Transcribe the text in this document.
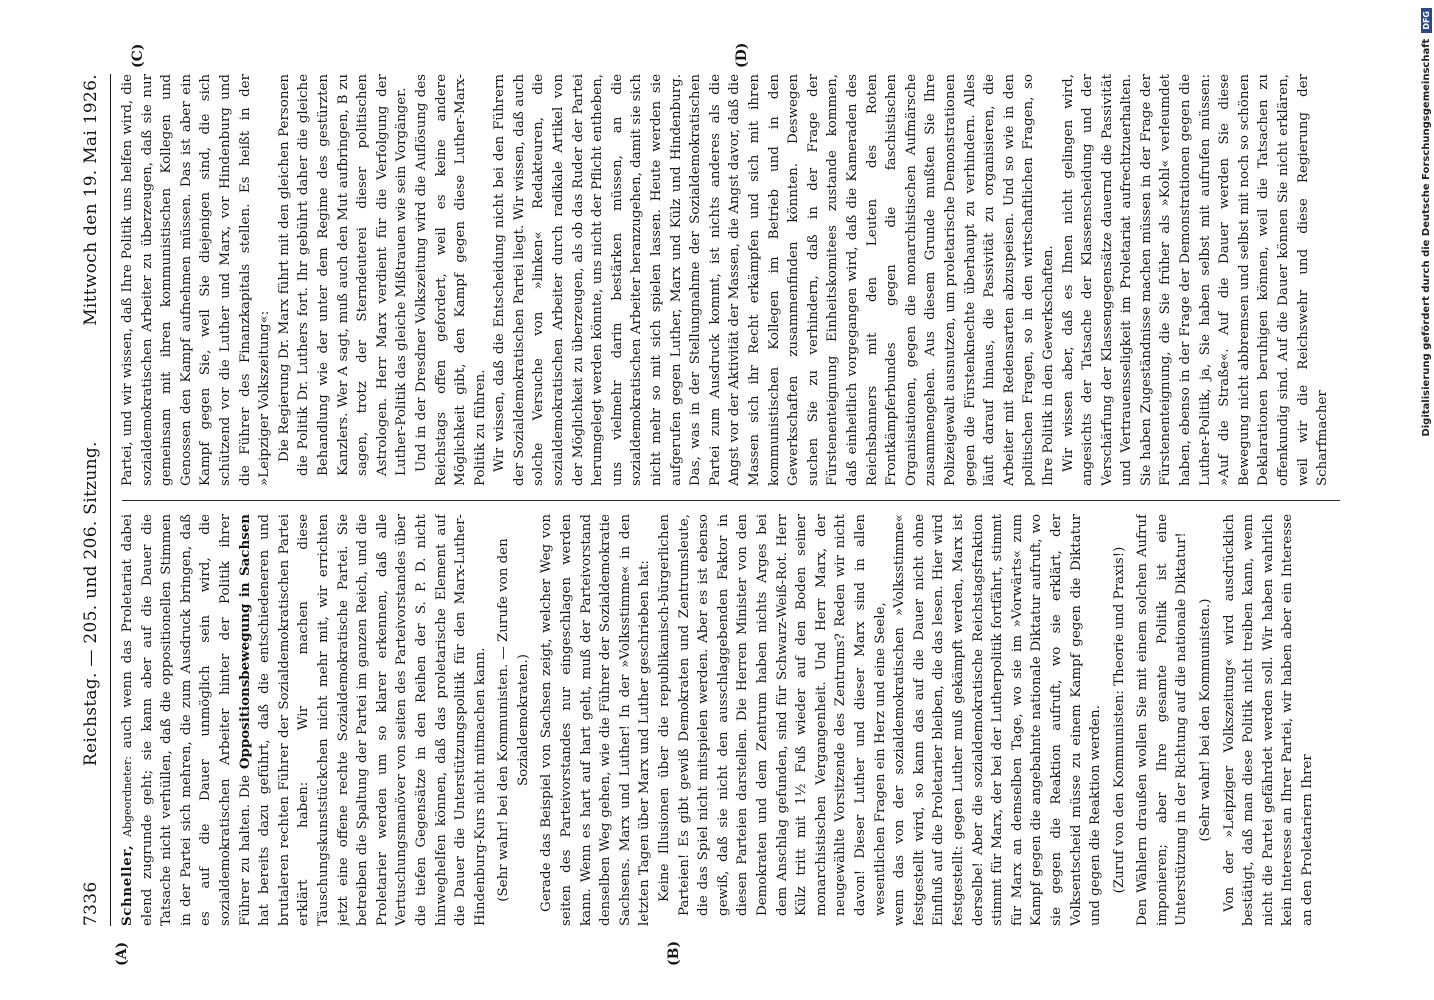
7336
Reichstag. — 205. und 206. Sitzung.
Mittwoch den 19. Mai 1926.
(A)	(B)
(C)	(D)

Schneller, Abgeordneter: auch wenn das Proletariat dabei elend zugrunde geht; sie kann aber auf die Dauer die Tatsache nicht verhüllen, daß die oppositionellen Stimmen in der Partei sich mehren, die zum Ausdruck bringen, daß es auf die Dauer unmöglich sein wird, die sozialdemokratischen Arbeiter hinter der Politik ihrer Führer zu halten. Die Oppositionsbewegung in Sachsen hat bereits dazu geführt, daß die entschiedeneren und brutaleren rechten Führer der Sozialdemokratischen Partei erklärt haben: Wir machen diese Täuschungskunststückchen nicht mehr mit, wir errichten jetzt eine offene rechte Sozialdemokratische Partei. Sie betreiben die Spaltung der Partei im ganzen Reich, und die Proletarier werden um so klarer erkennen, daß alle Vertuschungsmanöver von seiten des Parteivorstandes über die tiefen Gegensätze in den Reihen der S. P. D. nicht hinweghelfen können, daß das proletarische Element auf die Dauer die Unterstützungspolitik für den Marx-Luther-Hindenburg-Kurs nicht mitmachen kann. (Sehr wahr! bei den Kommunisten. — Zurufe von den Sozialdemokraten.) Gerade das Beispiel von Sachsen zeigt, welcher Weg von seiten des Parteivorstandes nur eingeschlagen werden kann. Wenn es hart auf hart geht, muß der Parteivorstand denselben Weg gehen, wie die Führer der Sozialdemokratie Sachsens. Marx und Luther! In der »Volksstimme« in den letzten Tagen über Marx und Luther geschrieben hat: Keine Illusionen über die republikanisch-bürgerlichen Parteien! Es gibt gewiß Demokraten und Zentrumsleute, die das Spiel nicht mitspielen werden. Aber es ist ebenso gewiß, daß sie nicht den ausschlaggebenden Faktor in diesen Parteien darstellen. Die Herren Minister von den Demokraten und dem Zentrum haben nichts Arges bei dem Anschlag gefunden, sind für Schwarz-Weiß-Rot. Herr Külz tritt mit 1½ Fuß wieder auf den Boden seiner monarchistischen Vergangenheit. Und Herr Marx, der neugewählte Vorsitzende des Zentrums? Reden wir nicht davon! Dieser Luther und dieser Marx sind in allen wesentlichen Fragen ein Herz und eine Seele, wenn das von der sozialdemokratischen »Volksstimme« festgestellt wird, so kann das auf die Dauer nicht ohne Einfluß auf die Proletarier bleiben, die das lesen. Hier wird festgestellt: gegen Luther muß gekämpft werden, Marx ist derselbe! Aber die sozialdemokratische Reichstagsfraktion stimmt für Marx, der bei der Lutherpolitik fortfährt, stimmt für Marx an demselben Tage, wo sie im »Vorwärts« zum Kampf gegen die angebahnte nationale Diktatur aufruft, wo sie gegen die Reaktion aufruft, wo sie erklärt, der Volksentscheid müsse zu einem Kampf gegen die Diktatur und gegen die Reaktion werden. (Zuruf von den Kommunisten: Theorie und Praxis!) Den Wählern draußen wollen Sie mit einem solchen Aufruf imponieren; aber Ihre gesamte Politik ist eine Unterstützung in der Richtung auf die nationale Diktatur! (Sehr wahr! bei den Kommunisten.) Von der »Leipziger Volkszeitung« wird ausdrücklich bestätigt, daß man diese Politik nicht treiben kann, wenn nicht die Partei gefährdet werden soll. Wir haben wahrlich kein Interesse an Ihrer Partei, wir haben aber ein Interesse an den Proletariern Ihrer

Partei, und wir wissen, daß Ihre Politik uns helfen wird, die sozialdemokratischen Arbeiter zu überzeugen, daß sie nur gemeinsam mit ihren kommunistischen Kollegen und Genossen den Kampf aufnehmen müssen. Das ist aber ein Kampf gegen Sie, weil Sie diejenigen sind, die sich schützend vor die Luther und Marx, vor Hindenburg und die Führer des Finanzkapitals stellen. Es heißt in der »Leipziger Volkszeitung«: Die Regierung Dr. Marx führt mit den gleichen Personen die Politik Dr. Luthers fort. Ihr gebührt daher die gleiche Behandlung wie der unter dem Regime des gestürzten Kanzlers. Wer A sagt, muß auch den Mut aufbringen, B zu sagen, trotz der Sterndeuterei dieser politischen Astrologen. Herr Marx verdient für die Verfolgung der Luther-Politik das gleiche Mißtrauen wie sein Vorgänger. Und in der Dresdner Volkszeitung wird die Auflösung des Reichstags offen gefordert, weil es keine andere Möglichkeit gibt, den Kampf gegen diese Luther-Marx-Politik zu führen. Wir wissen, daß die Entscheidung nicht bei den Führern der Sozialdemokratischen Partei liegt. Wir wissen, daß auch solche Versuche von »linken« Redakteuren, die sozialdemokratischen Arbeiter durch radikale Artikel von der Möglichkeit zu überzeugen, als ob das Ruder der Partei herumgelegt werden könnte, uns nicht der Pflicht entheben, uns vielmehr darin bestärken müssen, an die sozialdemokratischen Arbeiter heranzugehen, damit sie sich nicht mehr so mit sich spielen lassen. Heute werden sie aufgerufen gegen Luther, Marx und Külz und Hindenburg. Das, was in der Stellungnahme der Sozialdemokratischen Partei zum Ausdruck kommt, ist nichts anderes als die Angst vor der Aktivität der Massen, die Angst davor, daß die Massen sich ihr Recht erkämpfen und sich mit ihren kommunistischen Kollegen im Betrieb und in den Gewerkschaften zusammenfinden könnten. Deswegen suchen Sie zu verhindern, daß in der Frage der Fürstenenteignung Einheitskomitees zustande kommen, daß einheitlich vorgegangen wird, daß die Kameraden des Reichsbanners mit den Leuten des Roten Frontkämpferbundes gegen die faschistischen Organisationen, gegen die monarchistischen Aufmärsche zusammengehen. Aus diesem Grunde mußten Sie Ihre Polizeigewalt ausnutzen, um proletarische Demonstrationen gegen die Fürstenknechte überhaupt zu verhindern. Alles läuft darauf hinaus, die Passivität zu organisieren, die Arbeiter mit Redensarten abzuspeisen. Und so wie in den politischen Fragen, so in den wirtschaftlichen Fragen, so Ihre Politik in den Gewerkschaften. Wir wissen aber, daß es Ihnen nicht gelingen wird, angesichts der Tatsache der Klassenscheidung und der Verschärfung der Klassengegensätze dauernd die Passivität und Vertrauensseligkeit im Proletariat aufrechtzuerhalten. Sie haben Zugeständnisse machen müssen in der Frage der Fürstenenteignung, die Sie früher als »Kohl« verleumdet haben, ebenso in der Frage der Demonstrationen gegen die Luther-Politik, ja, Sie haben selbst mit aufrufen müssen: »Auf die Straße«. Auf die Dauer werden Sie diese Bewegung nicht abbremsen und selbst mit noch so schönen Deklarationen beruhigen können, weil die Tatsachen zu offenkundig sind. Auf die Dauer können Sie nicht erklären, weil wir die Reichswehr und diese Regierung der Scharfmacher

Digitalisierung gefördert durch die Deutsche Forschungsgemeinschaft
DFG
